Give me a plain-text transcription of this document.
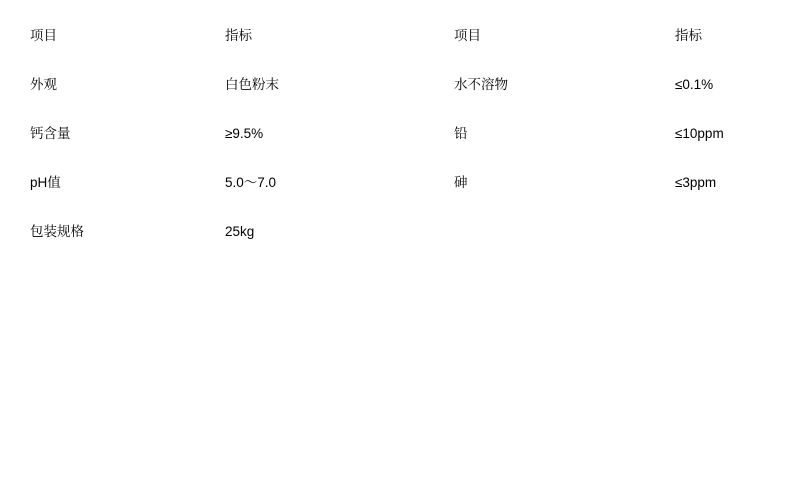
项目	指标	项目	指标

外观	白色粉末	水不溶物	≤0.1%

钙含量	≥9.5%	铅	≤10ppm

pH值	5.0～7.0	砷	≤3ppm

包装规格	25kg		
